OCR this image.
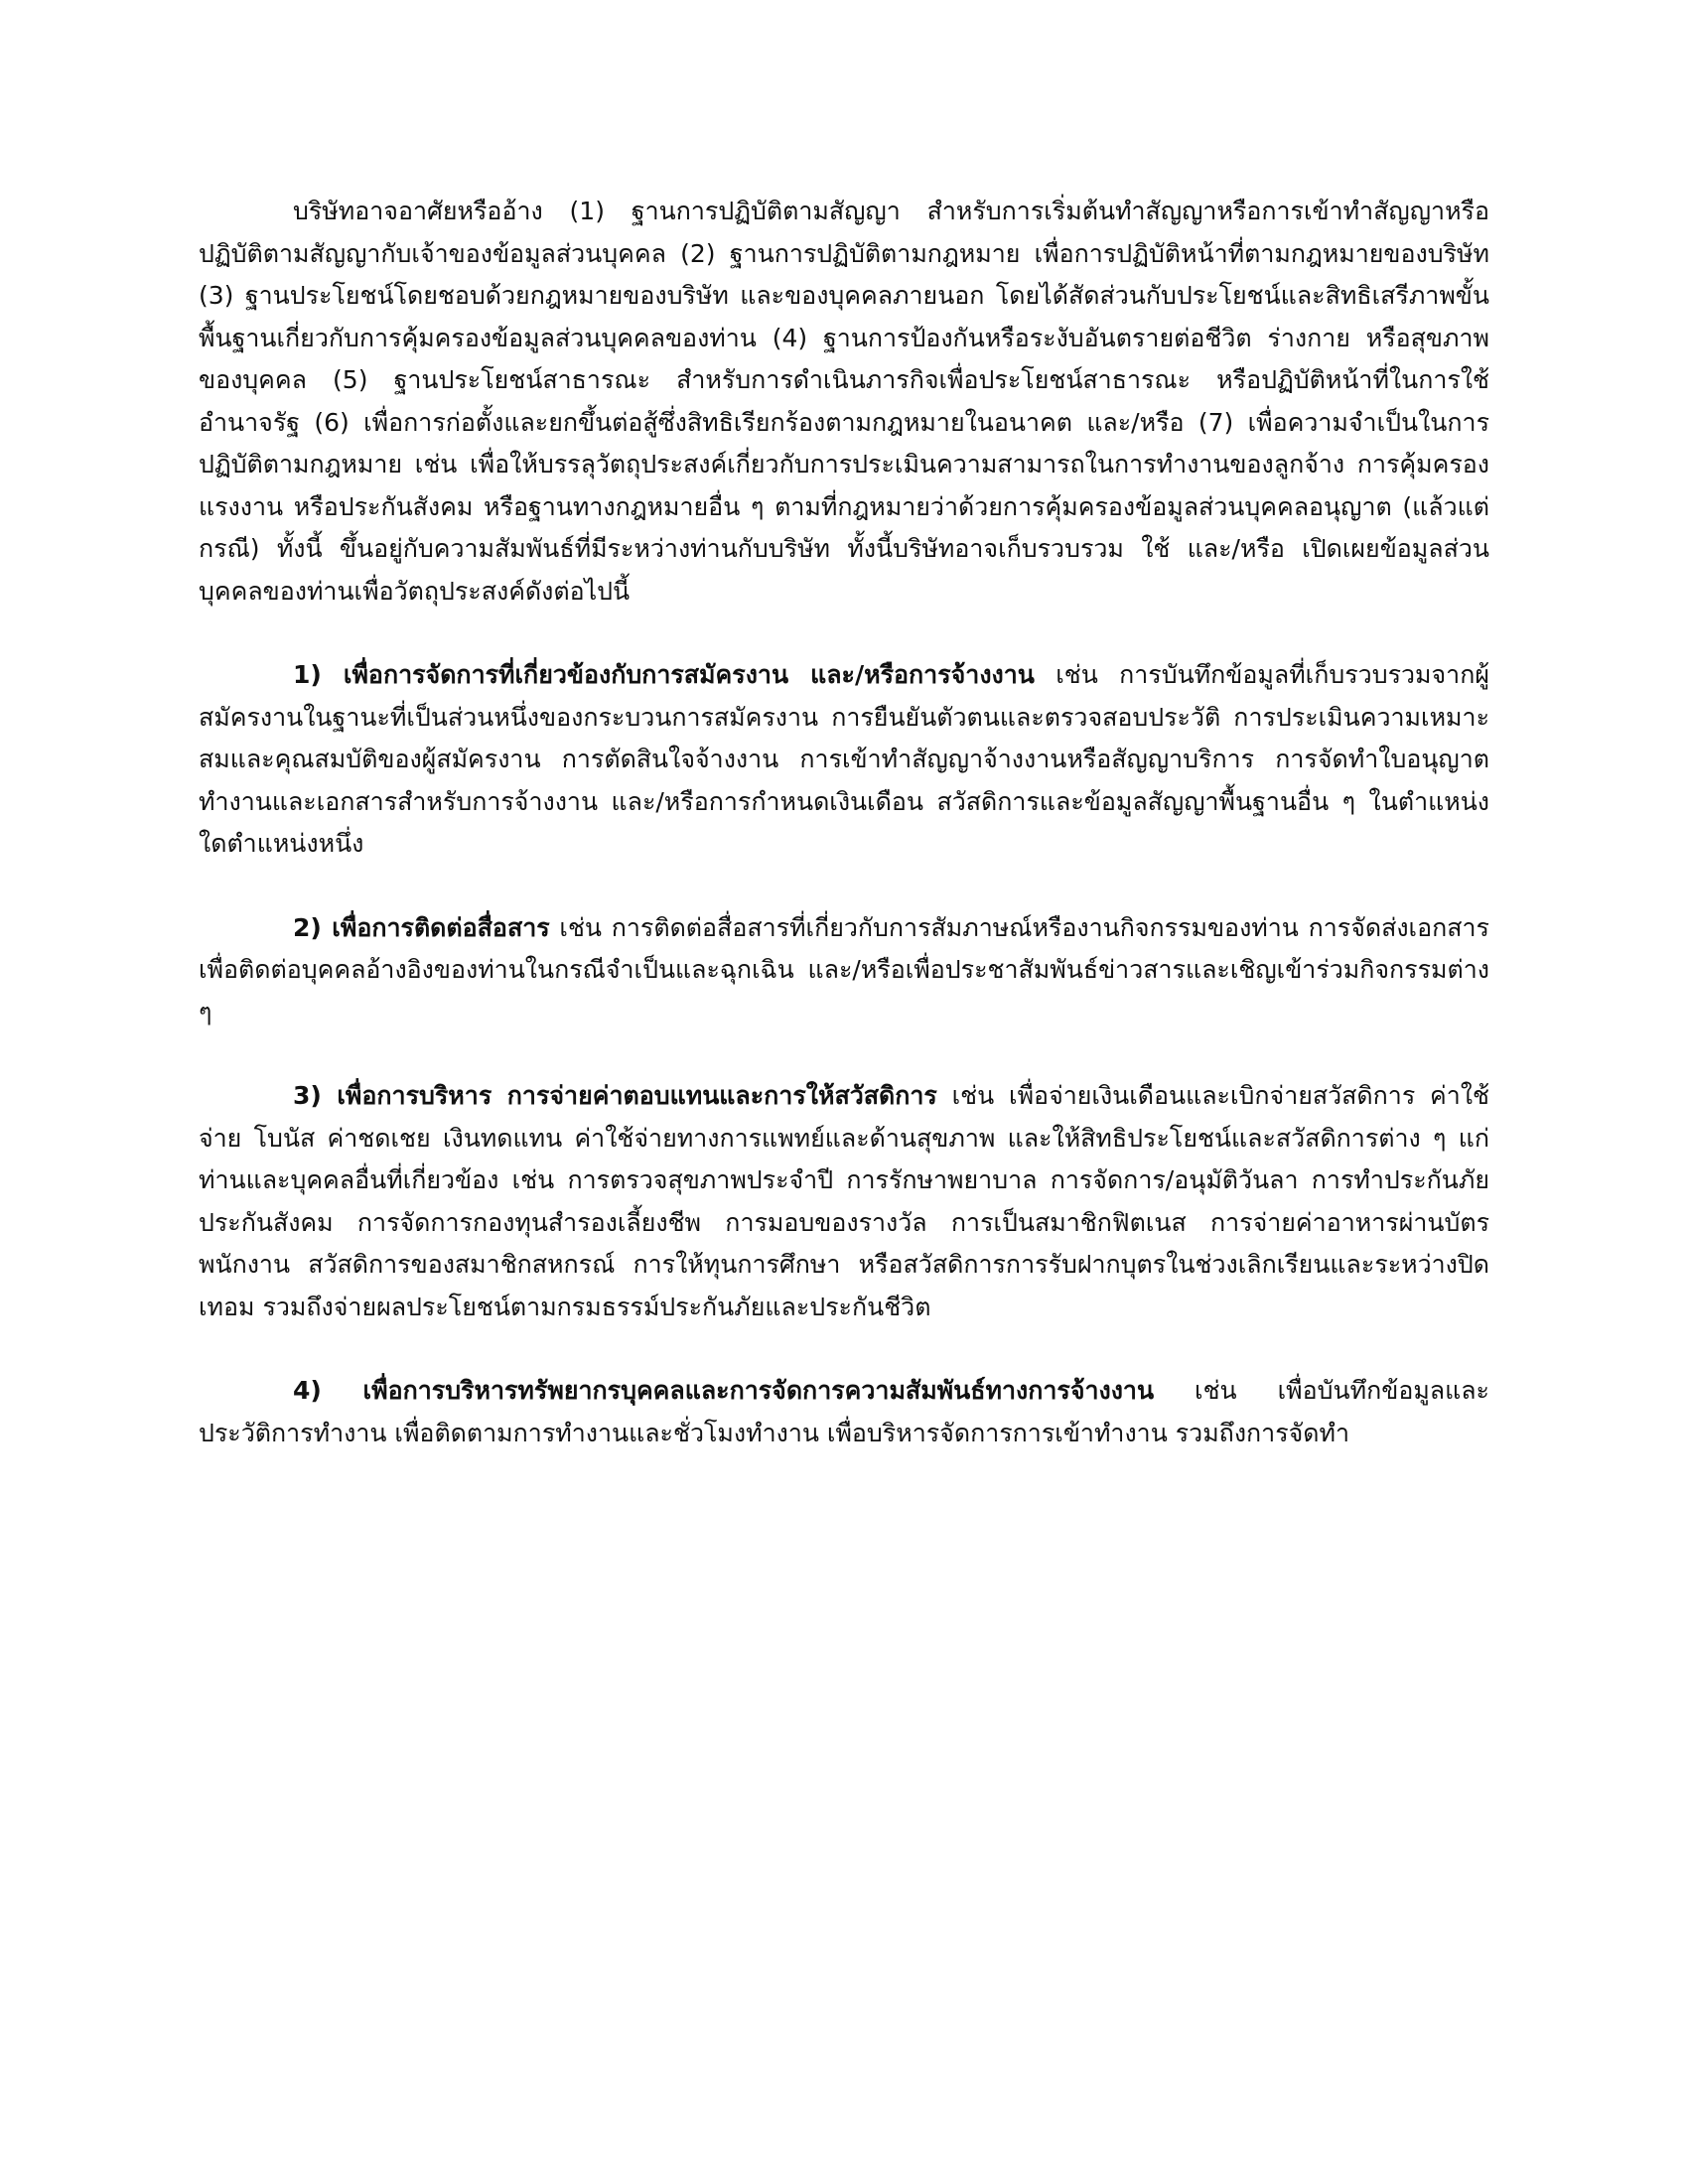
บริษัทอาจอาศัยหรืออ้าง (1) ฐานการปฏิบัติตามสัญญา สำหรับการเริ่มต้นทำสัญญาหรือการเข้าทำสัญญาหรือปฏิบัติตามสัญญากับเจ้าของข้อมูลส่วนบุคคล (2) ฐานการปฏิบัติตามกฎหมาย เพื่อการปฏิบัติหน้าที่ตามกฎหมายของบริษัท (3) ฐานประโยชน์โดยชอบด้วยกฎหมายของบริษัท และของบุคคลภายนอก โดยได้สัดส่วนกับประโยชน์และสิทธิเสรีภาพขั้นพื้นฐานเกี่ยวกับการคุ้มครองข้อมูลส่วนบุคคลของท่าน (4) ฐานการป้องกันหรือระงับอันตรายต่อชีวิต ร่างกาย หรือสุขภาพของบุคคล (5) ฐานประโยชน์สาธารณะ สำหรับการดำเนินภารกิจเพื่อประโยชน์สาธารณะ หรือปฏิบัติหน้าที่ในการใช้อำนาจรัฐ (6) เพื่อการก่อตั้งและยกขึ้นต่อสู้ซึ่งสิทธิเรียกร้องตามกฎหมายในอนาคต และ/หรือ (7) เพื่อความจำเป็นในการปฏิบัติตามกฎหมาย เช่น เพื่อให้บรรลุวัตถุประสงค์เกี่ยวกับการประเมินความสามารถในการทำงานของลูกจ้าง การคุ้มครองแรงงาน หรือประกันสังคม หรือฐานทางกฎหมายอื่น ๆ ตามที่กฎหมายว่าด้วยการคุ้มครองข้อมูลส่วนบุคคลอนุญาต (แล้วแต่กรณี) ทั้งนี้ ขึ้นอยู่กับความสัมพันธ์ที่มีระหว่างท่านกับบริษัท ทั้งนี้บริษัทอาจเก็บรวบรวม ใช้ และ/หรือ เปิดเผยข้อมูลส่วนบุคคลของท่านเพื่อวัตถุประสงค์ดังต่อไปนี้

1) เพื่อการจัดการที่เกี่ยวข้องกับการสมัครงาน และ/หรือการจ้างงาน เช่น การบันทึกข้อมูลที่เก็บรวบรวมจากผู้สมัครงานในฐานะที่เป็นส่วนหนึ่งของกระบวนการสมัครงาน การยืนยันตัวตนและตรวจสอบประวัติ การประเมินความเหมาะสมและคุณสมบัติของผู้สมัครงาน การตัดสินใจจ้างงาน การเข้าทำสัญญาจ้างงานหรือสัญญาบริการ การจัดทำใบอนุญาตทำงานและเอกสารสำหรับการจ้างงาน และ/หรือการกำหนดเงินเดือน สวัสดิการและข้อมูลสัญญาพื้นฐานอื่น ๆ ในตำแหน่งใดตำแหน่งหนึ่ง

2) เพื่อการติดต่อสื่อสาร เช่น การติดต่อสื่อสารที่เกี่ยวกับการสัมภาษณ์หรืองานกิจกรรมของท่าน การจัดส่งเอกสาร เพื่อติดต่อบุคคลอ้างอิงของท่านในกรณีจำเป็นและฉุกเฉิน และ/หรือเพื่อประชาสัมพันธ์ข่าวสารและเชิญเข้าร่วมกิจกรรมต่าง ๆ

3) เพื่อการบริหาร การจ่ายค่าตอบแทนและการให้สวัสดิการ เช่น เพื่อจ่ายเงินเดือนและเบิกจ่ายสวัสดิการ ค่าใช้จ่าย โบนัส ค่าชดเชย เงินทดแทน ค่าใช้จ่ายทางการแพทย์และด้านสุขภาพ และให้สิทธิประโยชน์และสวัสดิการต่าง ๆ แก่ท่านและบุคคลอื่นที่เกี่ยวข้อง เช่น การตรวจสุขภาพประจำปี การรักษาพยาบาล การจัดการ/อนุมัติวันลา การทำประกันภัย ประกันสังคม การจัดการกองทุนสำรองเลี้ยงชีพ การมอบของรางวัล การเป็นสมาชิกฟิตเนส การจ่ายค่าอาหารผ่านบัตรพนักงาน สวัสดิการของสมาชิกสหกรณ์ การให้ทุนการศึกษา หรือสวัสดิการการรับฝากบุตรในช่วงเลิกเรียนและระหว่างปิดเทอม รวมถึงจ่ายผลประโยชน์ตามกรมธรรม์ประกันภัยและประกันชีวิต

4) เพื่อการบริหารทรัพยากรบุคคลและการจัดการความสัมพันธ์ทางการจ้างงาน เช่น เพื่อบันทึกข้อมูลและประวัติการทำงาน เพื่อติดตามการทำงานและชั่วโมงทำงาน เพื่อบริหารจัดการการเข้าทำงาน รวมถึงการจัดทำ
